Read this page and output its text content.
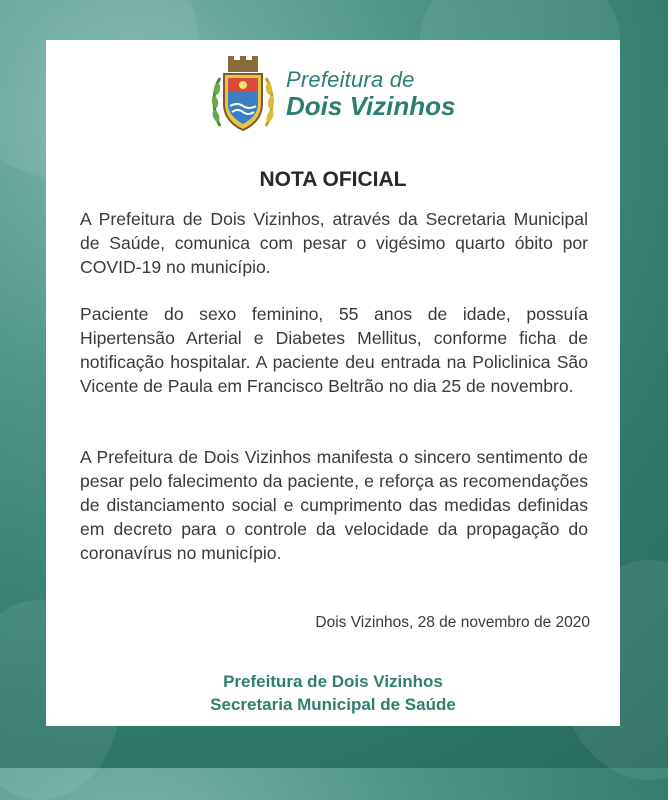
Prefeitura de
Dois Vizinhos
NOTA OFICIAL

A Prefeitura de Dois Vizinhos, através da Secretaria Municipal de Saúde, comunica com pesar o vigésimo quarto óbito por COVID-19 no município.

Paciente do sexo feminino, 55 anos de idade, possuía Hipertensão Arterial e Diabetes Mellitus, conforme ficha de notificação hospitalar. A paciente deu entrada na Policlinica São Vicente de Paula em Francisco Beltrão no dia 25 de novembro.

A Prefeitura de Dois Vizinhos manifesta o sincero sentimento de pesar pelo falecimento da paciente, e reforça as recomendações de distanciamento social e cumprimento das medidas definidas em decreto para o controle da velocidade da propagação do coronavírus no município.

Dois Vizinhos, 28 de novembro de 2020
Prefeitura de Dois Vizinhos
Secretaria Municipal de Saúde
